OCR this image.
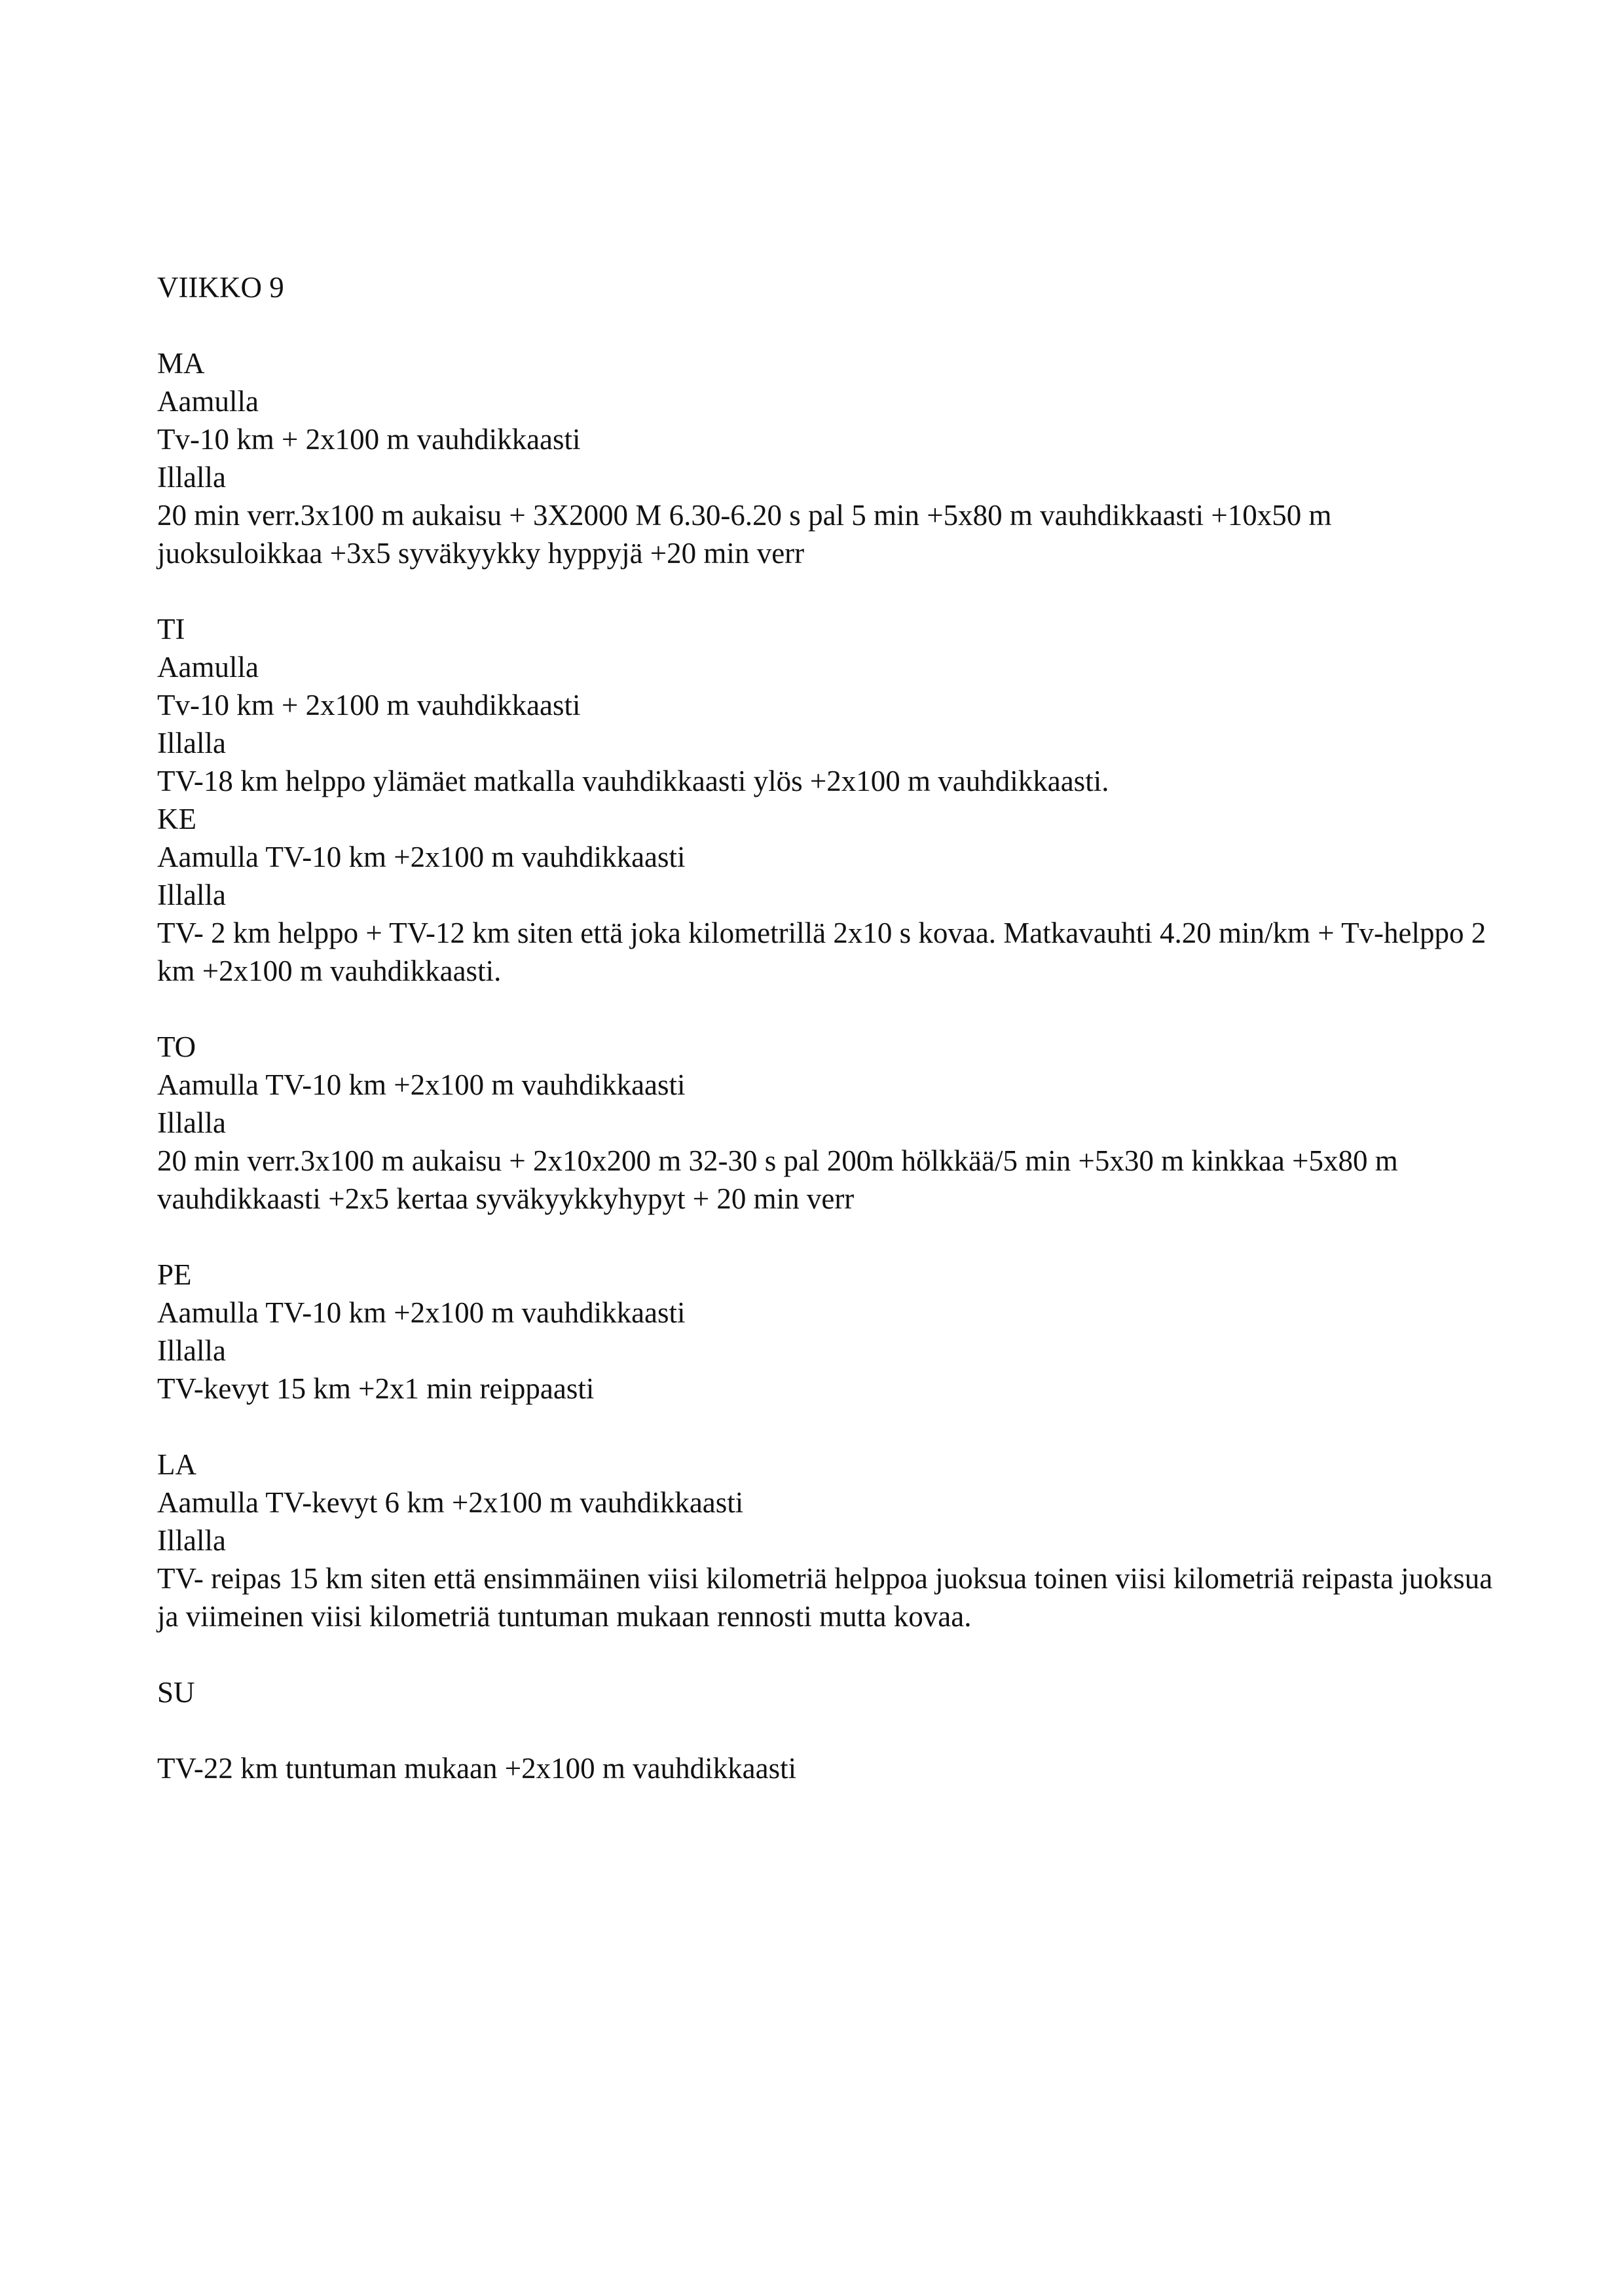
VIIKKO 9

MA

Aamulla

Tv-10 km + 2x100 m vauhdikkaasti

Illalla

20 min verr.3x100 m aukaisu + 3X2000 M 6.30-6.20 s pal 5 min +5x80 m vauhdikkaasti +10x50 m juoksuloikkaa +3x5 syväkyykky hyppyjä +20 min verr

TI

Aamulla

Tv-10 km + 2x100 m vauhdikkaasti

Illalla

TV-18 km helppo ylämäet matkalla vauhdikkaasti ylös +2x100 m vauhdikkaasti.

KE

Aamulla TV-10 km +2x100 m vauhdikkaasti

Illalla

TV- 2 km helppo + TV-12 km siten että joka kilometrillä 2x10 s kovaa. Matkavauhti 4.20 min/km + Tv-helppo 2 km +2x100 m vauhdikkaasti.

TO

Aamulla TV-10 km +2x100 m vauhdikkaasti

Illalla

20 min verr.3x100 m aukaisu + 2x10x200 m 32-30 s pal 200m hölkkää/5 min +5x30 m kinkkaa +5x80 m vauhdikkaasti +2x5 kertaa syväkyykkyhypyt + 20 min verr

PE

Aamulla TV-10 km +2x100 m vauhdikkaasti

Illalla

TV-kevyt 15 km +2x1 min reippaasti

LA

Aamulla TV-kevyt 6 km +2x100 m vauhdikkaasti

Illalla

TV- reipas 15 km siten että ensimmäinen viisi kilometriä helppoa juoksua toinen viisi kilometriä reipasta juoksua ja viimeinen viisi kilometriä tuntuman mukaan rennosti mutta kovaa.

SU

TV-22 km tuntuman mukaan +2x100 m vauhdikkaasti
